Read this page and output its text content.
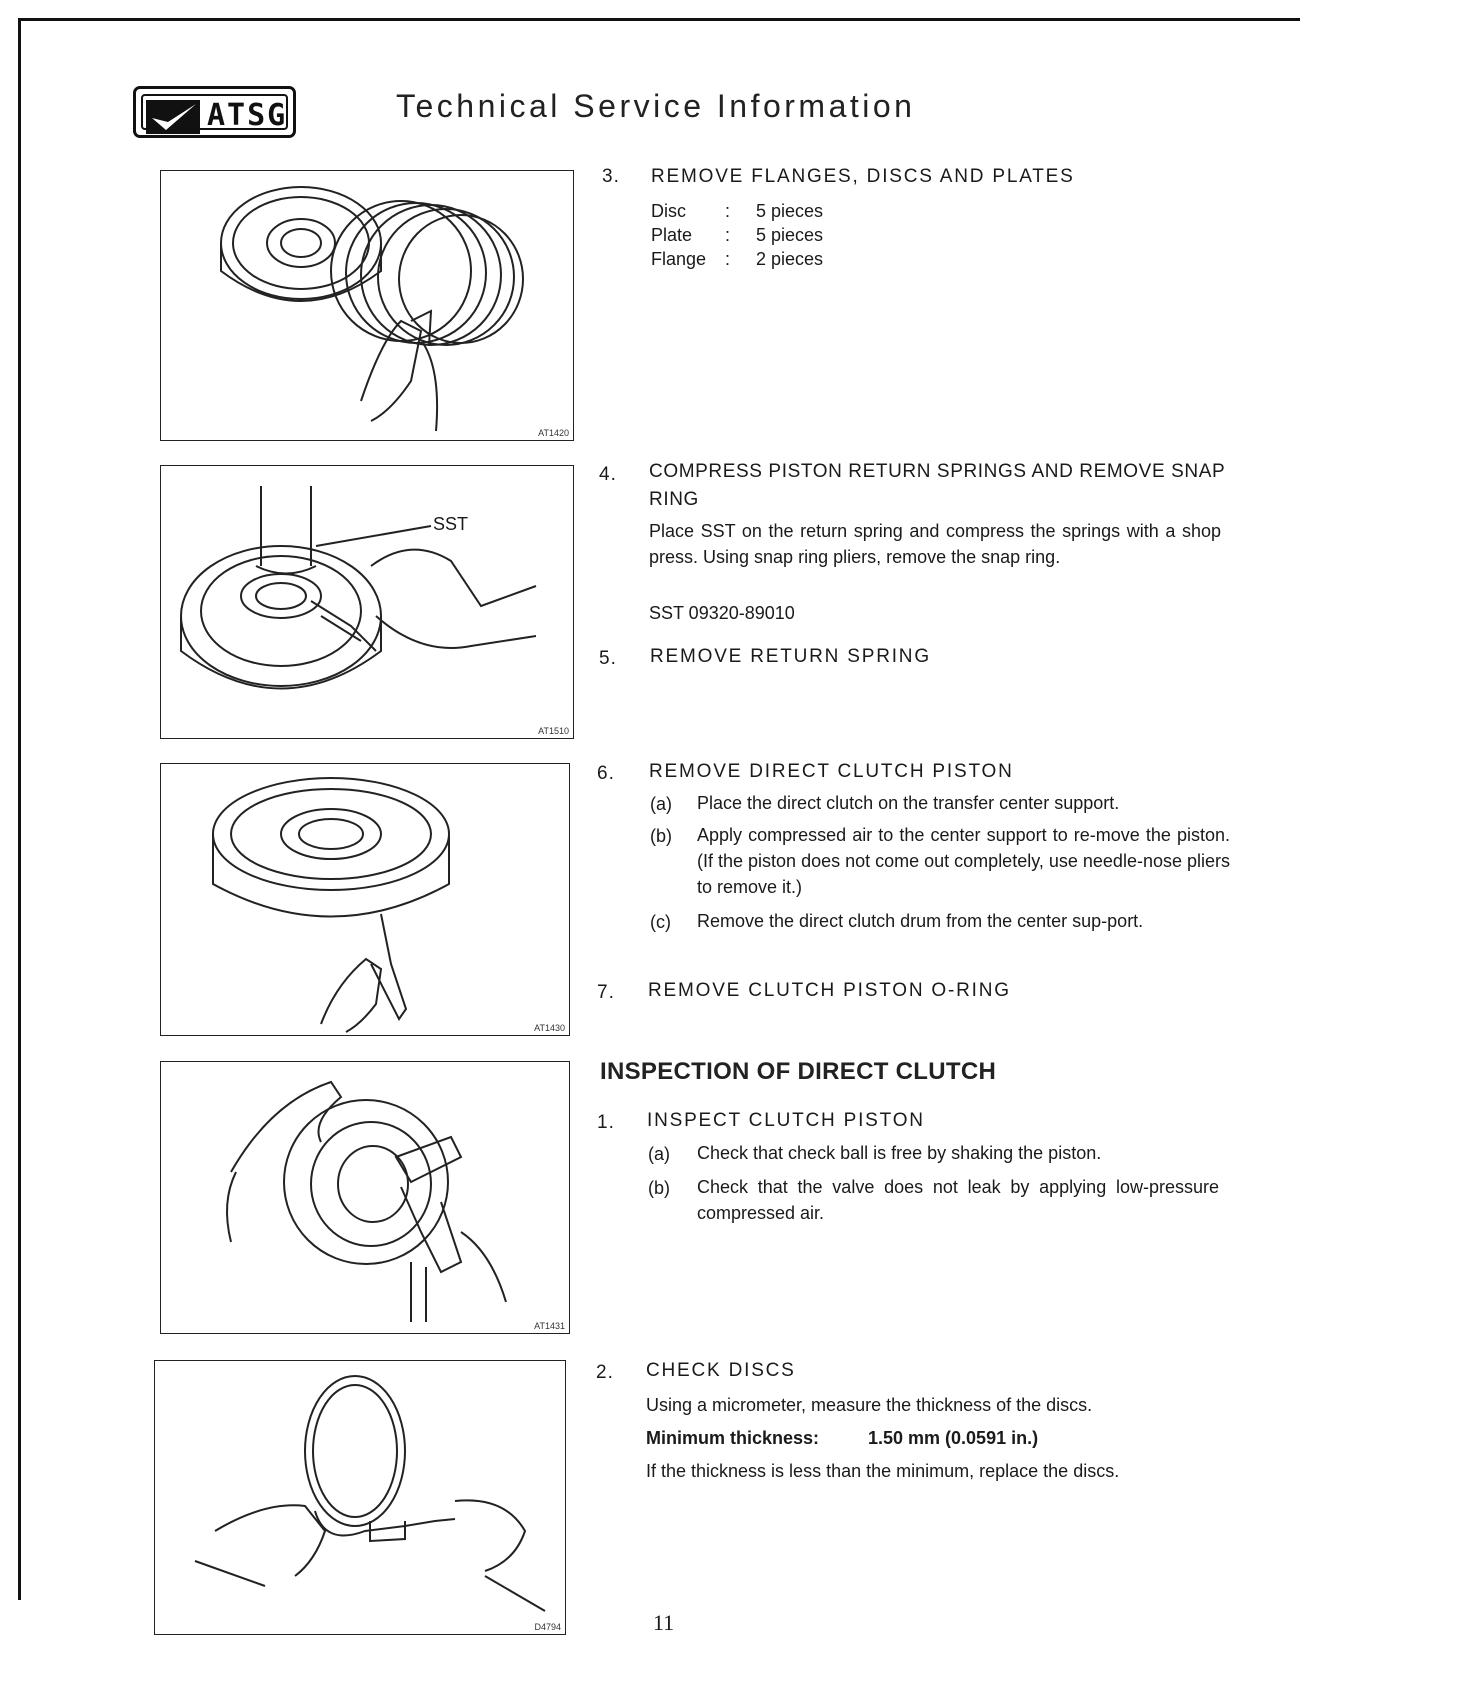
ATSG	Technical Service Information
AT1420
SST
AT1510
AT1430
AT1431
D4794
3. REMOVE FLANGES, DISCS AND PLATES
Disc : 5 pieces
Plate : 5 pieces
Flange : 2 pieces
4. COMPRESS PISTON RETURN SPRINGS AND REMOVE SNAP RING
Place SST on the return spring and compress the springs with a shop press. Using snap ring pliers, remove the snap ring.
SST 09320-89010
5. REMOVE RETURN SPRING
6. REMOVE DIRECT CLUTCH PISTON
(a) Place the direct clutch on the transfer center support.
(b) Apply compressed air to the center support to re-move the piston. (If the piston does not come out completely, use needle-nose pliers to remove it.)
(c) Remove the direct clutch drum from the center sup-port.
7. REMOVE CLUTCH PISTON O-RING
INSPECTION OF DIRECT CLUTCH
1. INSPECT CLUTCH PISTON
(a) Check that check ball is free by shaking the piston.
(b) Check that the valve does not leak by applying low-pressure compressed air.
2. CHECK DISCS
Using a micrometer, measure the thickness of the discs.
Minimum thickness:	1.50 mm (0.0591 in.)
If the thickness is less than the minimum, replace the discs.
11
